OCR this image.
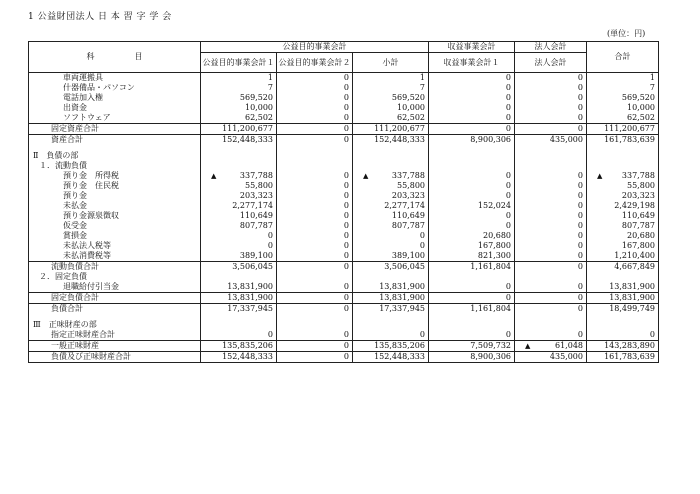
1 公益財団法人 日 本 習 字 学 会
(単位：円)
科　　　　　目	公益目的事業会計			収益事業会計	法人会計	合計
	公益目的事業会計１	公益目的事業会計２	小計	収益事業会計１	法人会計	
車両運搬具	1	0	1	0	0	1
什器備品・パソコン	7	0	7	0	0	7
電話加入権	569,520	0	569,520	0	0	569,520
出資金	10,000	0	10,000	0	0	10,000
ソフトウェア	62,502	0	62,502	0	0	62,502
固定資産合計	111,200,677	0	111,200,677	0	0	111,200,677
資産合計	152,448,333	0	152,448,333	8,900,306	435,000	161,783,639

Ⅱ　負債の部						
１．流動負債						
預り金　所得税	▲ 337,788	0	▲ 337,788	0	0	▲ 337,788
預り金　住民税	55,800	0	55,800	0	0	55,800
預り金	203,323	0	203,323	0	0	203,323
未払金	2,277,174	0	2,277,174	152,024	0	2,429,198
預り金源泉徴収	110,649	0	110,649	0	0	110,649
仮受金	807,787	0	807,787	0	0	807,787
賞損金	0	0	0	20,680	0	20,680
未払法人税等	0	0	0	167,800	0	167,800
未払消費税等	389,100	0	389,100	821,300	0	1,210,400
流動負債合計	3,506,045	0	3,506,045	1,161,804	0	4,667,849
２．固定負債						
退職給付引当金	13,831,900	0	13,831,900	0	0	13,831,900
固定負債合計	13,831,900	0	13,831,900	0	0	13,831,900
負債合計	17,337,945	0	17,337,945	1,161,804	0	18,499,749

Ⅲ　正味財産の部						
指定正味財産合計	0	0	0	0	0	0
一般正味財産	135,835,206	0	135,835,206	7,509,732	▲ 61,048	143,283,890
負債及び正味財産合計	152,448,333	0	152,448,333	8,900,306	435,000	161,783,639
